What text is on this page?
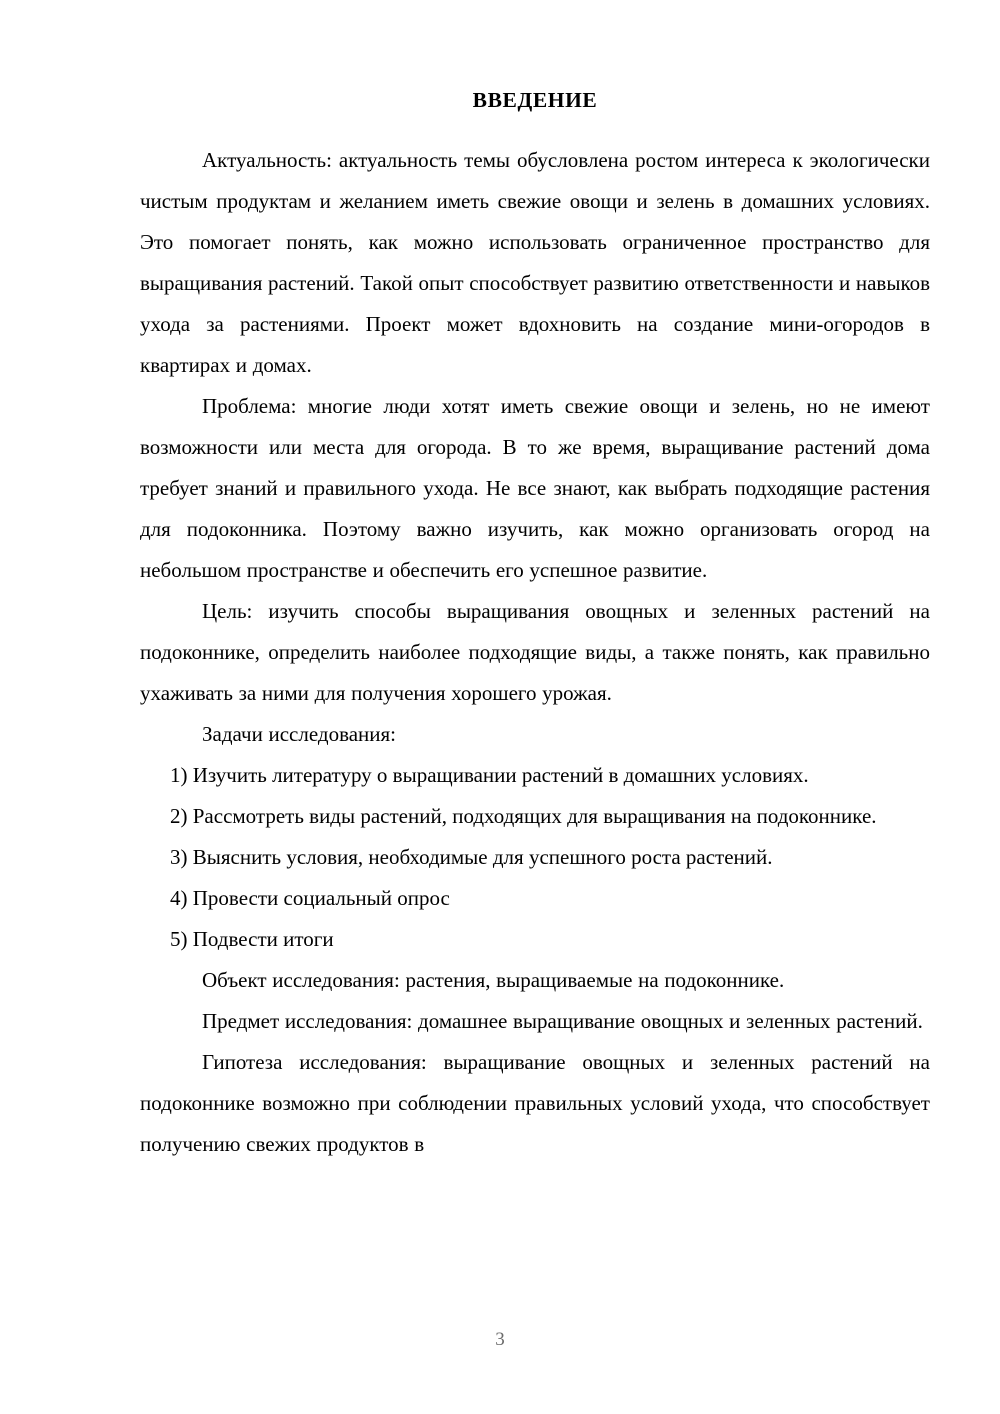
ВВЕДЕНИЕ

Актуальность: актуальность темы обусловлена ростом интереса к экологически чистым продуктам и желанием иметь свежие овощи и зелень в домашних условиях. Это помогает понять, как можно использовать ограниченное пространство для выращивания растений. Такой опыт способствует развитию ответственности и навыков ухода за растениями. Проект может вдохновить на создание мини-огородов в квартирах и домах.

Проблема: многие люди хотят иметь свежие овощи и зелень, но не имеют возможности или места для огорода. В то же время, выращивание растений дома требует знаний и правильного ухода. Не все знают, как выбрать подходящие растения для подоконника. Поэтому важно изучить, как можно организовать огород на небольшом пространстве и обеспечить его успешное развитие.

Цель: изучить способы выращивания овощных и зеленных растений на подоконнике, определить наиболее подходящие виды, а также понять, как правильно ухаживать за ними для получения хорошего урожая.

Задачи исследования:

1) Изучить литературу о выращивании растений в домашних условиях.

2) Рассмотреть виды растений, подходящих для выращивания на подоконнике.

3) Выяснить условия, необходимые для успешного роста растений.

4) Провести социальный опрос

5) Подвести итоги

Объект исследования: растения, выращиваемые на подоконнике.

Предмет исследования: домашнее выращивание овощных и зеленных растений.

Гипотеза исследования: выращивание овощных и зеленных растений на подоконнике возможно при соблюдении правильных условий ухода, что способствует получению свежих продуктов в

3
